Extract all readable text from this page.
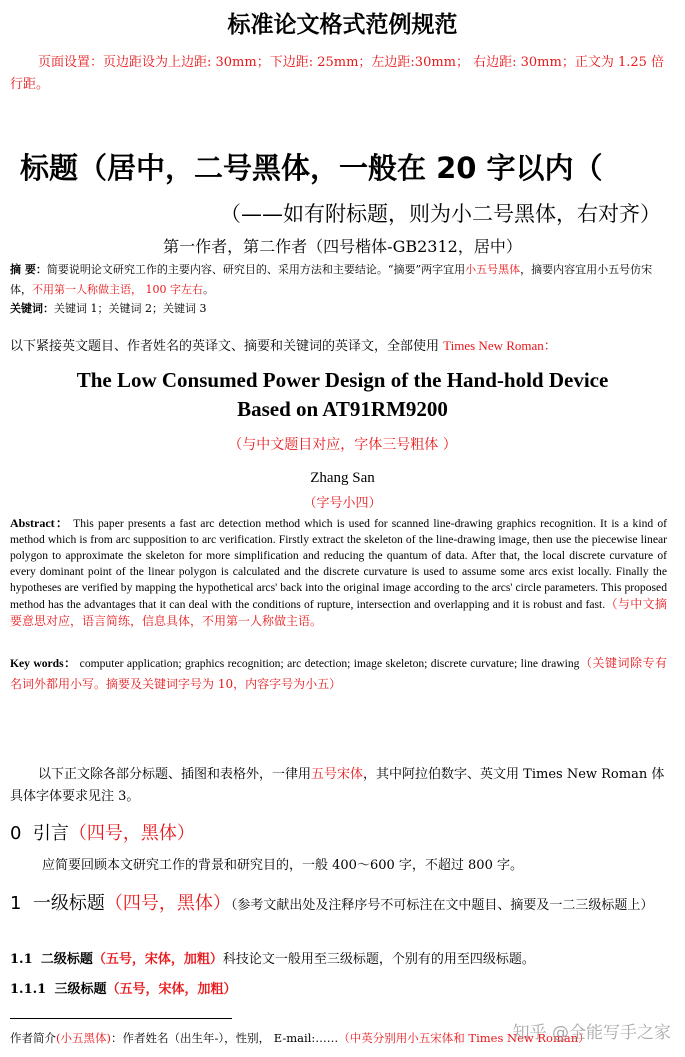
标准论文格式范例规范
页面设置：页边距设为上边距: 30mm；下边距: 25mm；左边距:30mm； 右边距: 30mm；正文为 1.25 倍行距。
标题（居中，二号黑体，一般在 20 字以内（
（——如有附标题，则为小二号黑体，右对齐）
第一作者，第二作者（四号楷体-GB2312，居中）
摘 要：简要说明论文研究工作的主要内容、研究目的、采用方法和主要结论。“摘要”两字宜用小五号黑体，摘要内容宜用小五号仿宋体，不用第一人称做主语， 100 字左右。
关键词：关键词 1；关键词 2；关键词 3
以下紧接英文题目、作者姓名的英译文、摘要和关键词的英译文，全部使用 Times New Roman：
The Low Consumed Power Design of the Hand-hold Device
Based on AT91RM9200
（与中文题目对应，字体三号粗体 ）
Zhang San
（字号小四）
Abstract： This paper presents a fast arc detection method which is used for scanned line-drawing graphics recognition. It is a kind of method which is from arc supposition to arc verification. Firstly extract the skeleton of the line-drawing image, then use the piecewise linear polygon to approximate the skeleton for more simplification and reducing the quantum of data. After that, the local discrete curvature of every dominant point of the linear polygon is calculated and the discrete curvature is used to assume some arcs exist locally. Finally the hypotheses are verified by mapping the hypothetical arcs' back into the original image according to the arcs' circle parameters. This proposed method has the advantages that it can deal with the conditions of rupture, intersection and overlapping and it is robust and fast.（与中文摘要意思对应，语言简练，信息具体，不用第一人称做主语。
Key words： computer application; graphics recognition; arc detection; image skeleton; discrete curvature; line drawing（关键词除专有名词外都用小写。摘要及关键词字号为 10，内容字号为小五）
以下正文除各部分标题、插图和表格外，一律用五号宋体，其中阿拉伯数字、英文用 Times New Roman 体具体字体要求见注 3。
0 引言（四号，黑体）
应简要回顾本文研究工作的背景和研究目的，一般 400～600 字，不超过 800 字。
1 一级标题（四号，黑体）（参考文献出处及注释序号不可标注在文中题目、摘要及一二三级标题上）
1.1 二级标题（五号，宋体，加粗）科技论文一般用至三级标题，个别有的用至四级标题。
1.1.1 三级标题（五号，宋体，加粗）
作者简介(小五黑体)：作者姓名（出生年-），性别， E-mail:……（中英分别用小五宋体和 Times New Roman）
知乎 @全能写手之家
